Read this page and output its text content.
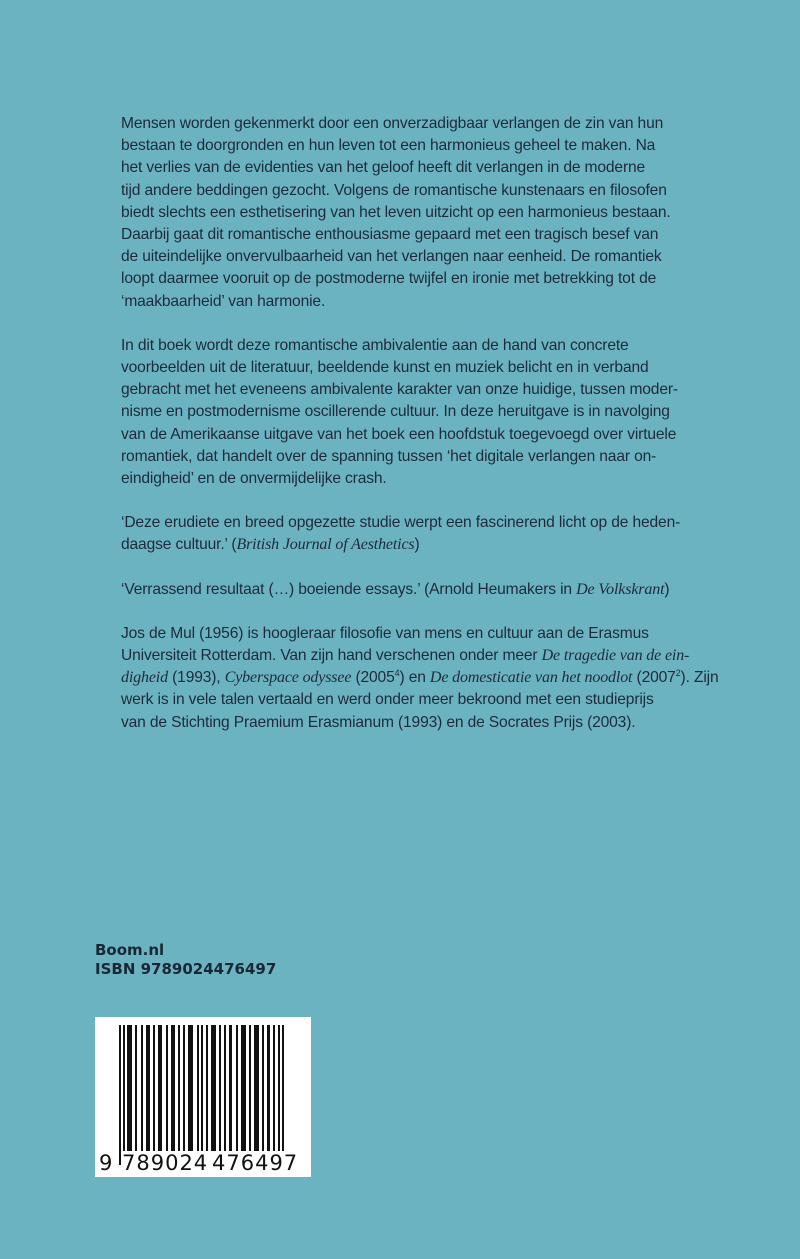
Mensen worden gekenmerkt door een onverzadigbaar verlangen de zin van hun
bestaan te doorgronden en hun leven tot een harmonieus geheel te maken. Na
het verlies van de evidenties van het geloof heeft dit verlangen in de moderne
tijd andere beddingen gezocht. Volgens de romantische kunstenaars en filosofen
biedt slechts een esthetisering van het leven uitzicht op een harmonieus bestaan.
Daarbij gaat dit romantische enthousiasme gepaard met een tragisch besef van
de uiteindelijke onvervulbaarheid van het verlangen naar eenheid. De romantiek
loopt daarmee vooruit op de postmoderne twijfel en ironie met betrekking tot de
‘maakbaarheid’ van harmonie.

In dit boek wordt deze romantische ambivalentie aan de hand van concrete
voorbeelden uit de literatuur, beeldende kunst en muziek belicht en in verband
gebracht met het eveneens ambivalente karakter van onze huidige, tussen moder-
nisme en postmodernisme oscillerende cultuur. In deze heruitgave is in navolging
van de Amerikaanse uitgave van het boek een hoofdstuk toegevoegd over virtuele
romantiek, dat handelt over de spanning tussen ‘het digitale verlangen naar on-
eindigheid’ en de onvermijdelijke crash.

‘Deze erudiete en breed opgezette studie werpt een fascinerend licht op de heden-
daagse cultuur.’ (British Journal of Aesthetics)

‘Verrassend resultaat (…) boeiende essays.’ (Arnold Heumakers in De Volkskrant)

Jos de Mul (1956) is hoogleraar filosofie van mens en cultuur aan de Erasmus
Universiteit Rotterdam. Van zijn hand verschenen onder meer De tragedie van de ein-
digheid (1993), Cyberspace odyssee (2005$^4$) en De domesticatie van het noodlot (2007$^2$). Zijn
werk is in vele talen vertaald en werd onder meer bekroond met een studieprijs
van de Stichting Praemium Erasmianum (1993) en de Socrates Prijs (2003).

Boom.nl
ISBN 9789024476497
9 789024 476497
